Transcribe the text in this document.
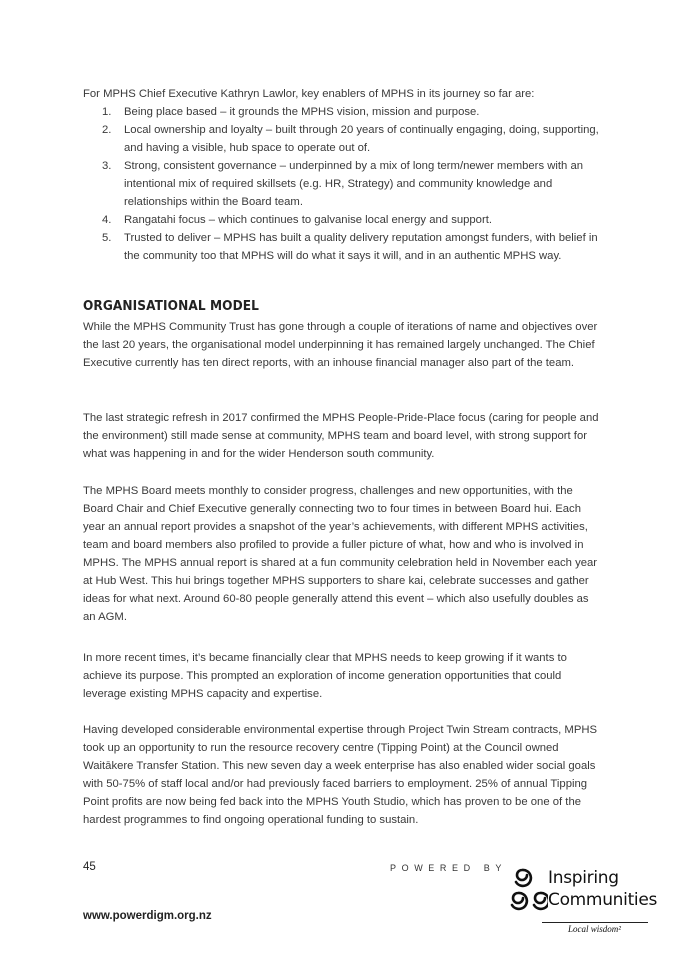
For MPHS Chief Executive Kathryn Lawlor, key enablers of MPHS in its journey so far are:

1. Being place based – it grounds the MPHS vision, mission and purpose.
2. Local ownership and loyalty – built through 20 years of continually engaging, doing, supporting, and having a visible, hub space to operate out of.
3. Strong, consistent governance – underpinned by a mix of long term/newer members with an intentional mix of required skillsets (e.g. HR, Strategy) and community knowledge and relationships within the Board team.
4. Rangatahi focus – which continues to galvanise local energy and support.
5. Trusted to deliver – MPHS has built a quality delivery reputation amongst funders, with belief in the community too that MPHS will do what it says it will, and in an authentic MPHS way.
ORGANISATIONAL MODEL

While the MPHS Community Trust has gone through a couple of iterations of name and objectives over the last 20 years, the organisational model underpinning it has remained largely unchanged. The Chief Executive currently has ten direct reports, with an inhouse financial manager also part of the team.

The last strategic refresh in 2017 confirmed the MPHS People-Pride-Place focus (caring for people and the environment) still made sense at community, MPHS team and board level, with strong support for what was happening in and for the wider Henderson south community.

The MPHS Board meets monthly to consider progress, challenges and new opportunities, with the Board Chair and Chief Executive generally connecting two to four times in between Board hui. Each year an annual report provides a snapshot of the year’s achievements, with different MPHS activities, team and board members also profiled to provide a fuller picture of what, how and who is involved in MPHS. The MPHS annual report is shared at a fun community celebration held in November each year at Hub West. This hui brings together MPHS supporters to share kai, celebrate successes and gather ideas for what next. Around 60-80 people generally attend this event – which also usefully doubles as an AGM.

In more recent times, it’s became financially clear that MPHS needs to keep growing if it wants to achieve its purpose. This prompted an exploration of income generation opportunities that could leverage existing MPHS capacity and expertise.

Having developed considerable environmental expertise through Project Twin Stream contracts, MPHS took up an opportunity to run the resource recovery centre (Tipping Point) at the Council owned Waitākere Transfer Station. This new seven day a week enterprise has also enabled wider social goals with 50-75% of staff local and/or had previously faced barriers to employment. 25% of annual Tipping Point profits are now being fed back into the MPHS Youth Studio, which has proven to be one of the hardest programmes to find ongoing operational funding to sustain.

45	POWERED BY
www.powerdigm.org.nz
Inspiring
Communities
Local wisdom²
